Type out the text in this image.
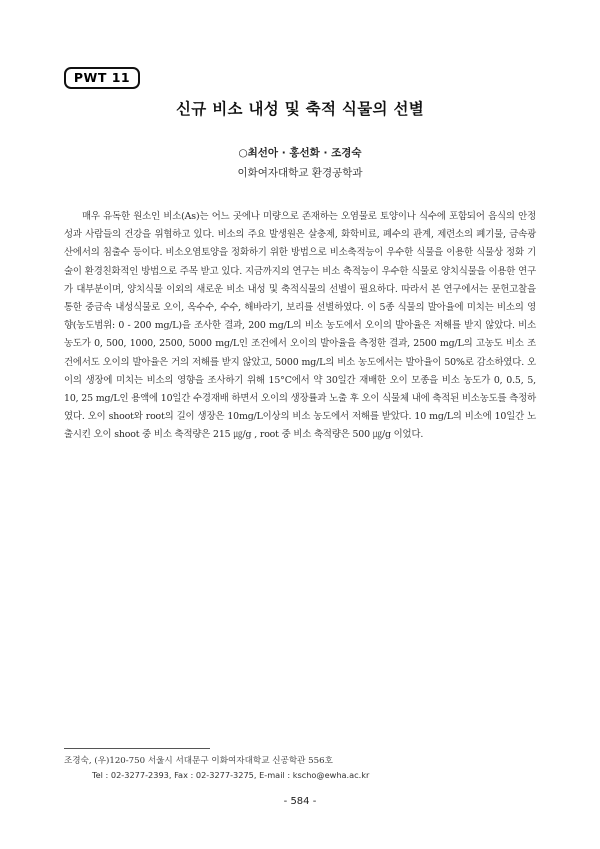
PWT 11
신규 비소 내성 및 축적 식물의 선별
○최선아 · 홍선화 · 조경숙
이화여자대학교 환경공학과

매우 유독한 원소인 비소(As)는 어느 곳에나 미량으로 존재하는 오염물로 토양이나 식수에 포함되어 음식의 안정성과 사람들의 건강을 위협하고 있다. 비소의 주요 발생원은 살충제, 화학비료, 폐수의 관계, 제련소의 폐기물, 금속광산에서의 침출수 등이다. 비소오염토양을 정화하기 위한 방법으로 비소축적능이 우수한 식물을 이용한 식물상 정화 기술이 환경친화적인 방법으로 주목 받고 있다. 지금까지의 연구는 비소 축적능이 우수한 식물로 양치식물을 이용한 연구가 대부분이며, 양치식물 이외의 새로운 비소 내성 및 축적식물의 선별이 필요하다. 따라서 본 연구에서는 문헌고찰을 통한 중금속 내성식물로 오이, 옥수수, 수수, 해바라기, 보리를 선별하였다. 이 5종 식물의 발아율에 미치는 비소의 영향(농도범위: 0 - 200 mg/L)을 조사한 결과, 200 mg/L의 비소 농도에서 오이의 발아율은 저해를 받지 않았다. 비소 농도가 0, 500, 1000, 2500, 5000 mg/L인 조건에서 오이의 발아율을 측정한 결과, 2500 mg/L의 고농도 비소 조건에서도 오이의 발아율은 거의 저해를 받지 않았고, 5000 mg/L의 비소 농도에서는 발아율이 50%로 감소하였다. 오이의 생장에 미치는 비소의 영향을 조사하기 위해 15°C에서 약 30일간 재배한 오이 모종을 비소 농도가 0, 0.5, 5, 10, 25 mg/L인 용액에 10일간 수경재배 하면서 오이의 생장률과 노출 후 오이 식물체 내에 축적된 비소농도를 측정하였다. 오이 shoot와 root의 길이 생장은 10mg/L이상의 비소 농도에서 저해를 받았다. 10 mg/L의 비소에 10일간 노출시킨 오이 shoot 중 비소 축적량은 215 ㎍/g , root 중 비소 축적량은 500 ㎍/g 이었다.

조경숙, (우)120-750 서울시 서대문구 이화여자대학교 신공학관 556호
Tel : 02-3277-2393, Fax : 02-3277-3275, E-mail : kscho@ewha.ac.kr
- 584 -
